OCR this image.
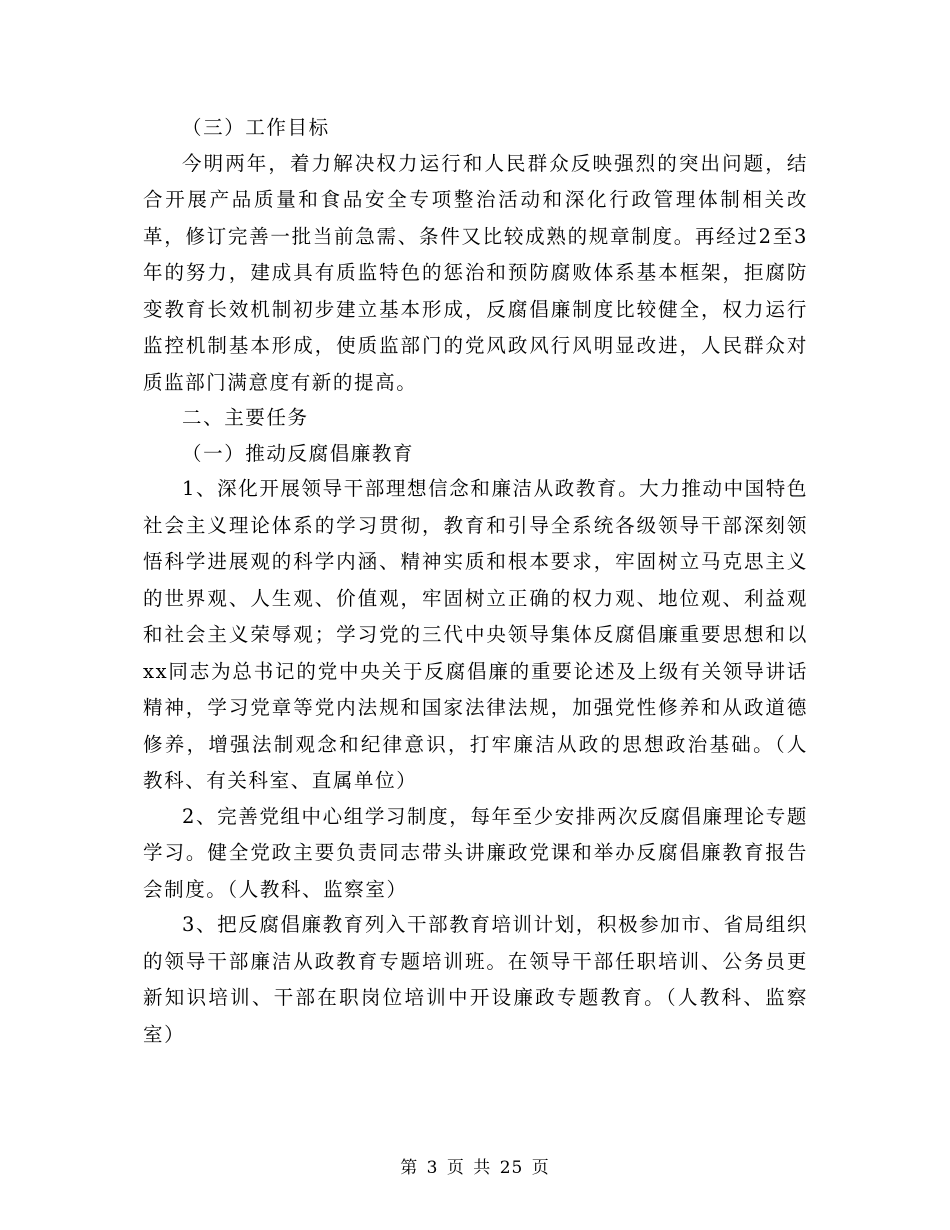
（三）工作目标

今明两年，着力解决权力运行和人民群众反映强烈的突出问题，结合开展产品质量和食品安全专项整治活动和深化行政管理体制相关改革，修订完善一批当前急需、条件又比较成熟的规章制度。再经过2至3年的努力，建成具有质监特色的惩治和预防腐败体系基本框架，拒腐防变教育长效机制初步建立基本形成，反腐倡廉制度比较健全，权力运行监控机制基本形成，使质监部门的党风政风行风明显改进，人民群众对质监部门满意度有新的提高。

二、主要任务

（一）推动反腐倡廉教育

1、深化开展领导干部理想信念和廉洁从政教育。大力推动中国特色社会主义理论体系的学习贯彻，教育和引导全系统各级领导干部深刻领悟科学进展观的科学内涵、精神实质和根本要求，牢固树立马克思主义的世界观、人生观、价值观，牢固树立正确的权力观、地位观、利益观和社会主义荣辱观；学习党的三代中央领导集体反腐倡廉重要思想和以xx同志为总书记的党中央关于反腐倡廉的重要论述及上级有关领导讲话精神，学习党章等党内法规和国家法律法规，加强党性修养和从政道德修养，增强法制观念和纪律意识，打牢廉洁从政的思想政治基础。（人教科、有关科室、直属单位）

2、完善党组中心组学习制度，每年至少安排两次反腐倡廉理论专题学习。健全党政主要负责同志带头讲廉政党课和举办反腐倡廉教育报告会制度。（人教科、监察室）

3、把反腐倡廉教育列入干部教育培训计划，积极参加市、省局组织的领导干部廉洁从政教育专题培训班。在领导干部任职培训、公务员更新知识培训、干部在职岗位培训中开设廉政专题教育。（人教科、监察室）

第 3 页 共 25 页
